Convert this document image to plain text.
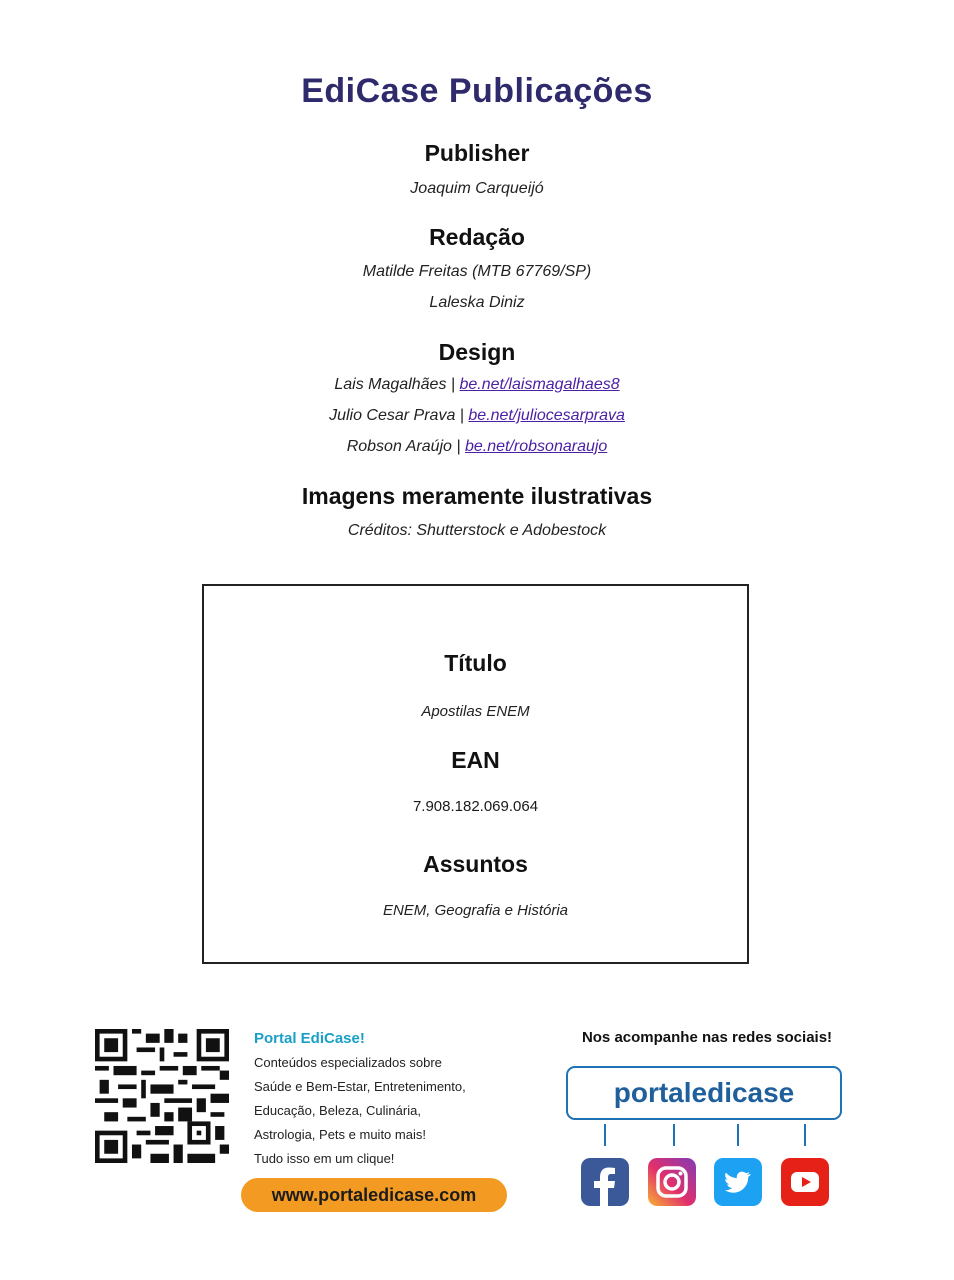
EdiCase Publicações
Publisher
Joaquim Carqueijó
Redação
Matilde Freitas (MTB 67769/SP)
Laleska Diniz
Design
Lais Magalhães | be.net/laismagalhaes8
Julio Cesar Prava | be.net/juliocesarprava
Robson Araújo | be.net/robsonaraujo
Imagens meramente ilustrativas
Créditos: Shutterstock e Adobestock
Título
Apostilas ENEM
EAN
7.908.182.069.064
Assuntos
ENEM, Geografia e História
Portal EdiCase!
Conteúdos especializados sobre
Saúde e Bem-Estar, Entretenimento,
Educação, Beleza, Culinária,
Astrologia, Pets e muito mais!
Tudo isso em um clique!
www.portaledicase.com
Nos acompanhe nas redes sociais!
portaledicase
